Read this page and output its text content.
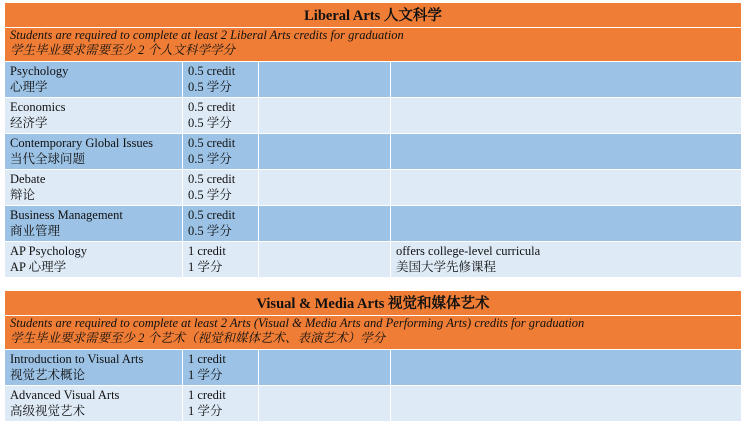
Liberal Arts 人文科学			

Students are required to complete at least 2 Liberal Arts credits for graduation
学生毕业要求需要至少 2 个人文科学学分			

Psychology
心理学	0.5 credit
0.5 学分		

Economics
经济学	0.5 credit
0.5 学分		

Contemporary Global Issues
当代全球问题	0.5 credit
0.5 学分		

Debate
辩论	0.5 credit
0.5 学分		

Business Management
商业管理	0.5 credit
0.5 学分		

AP Psychology
AP 心理学	1 credit
1 学分		offers college-level curricula
美国大学先修课程
Visual & Media Arts 视觉和媒体艺术			

Students are required to complete at least 2 Arts (Visual & Media Arts and Performing Arts) credits for graduation
学生毕业要求需要至少 2 个艺术（视觉和媒体艺术、表演艺术）学分			

Introduction to Visual Arts
视觉艺术概论	1 credit
1 学分		

Advanced Visual Arts
高级视觉艺术	1 credit
1 学分		
